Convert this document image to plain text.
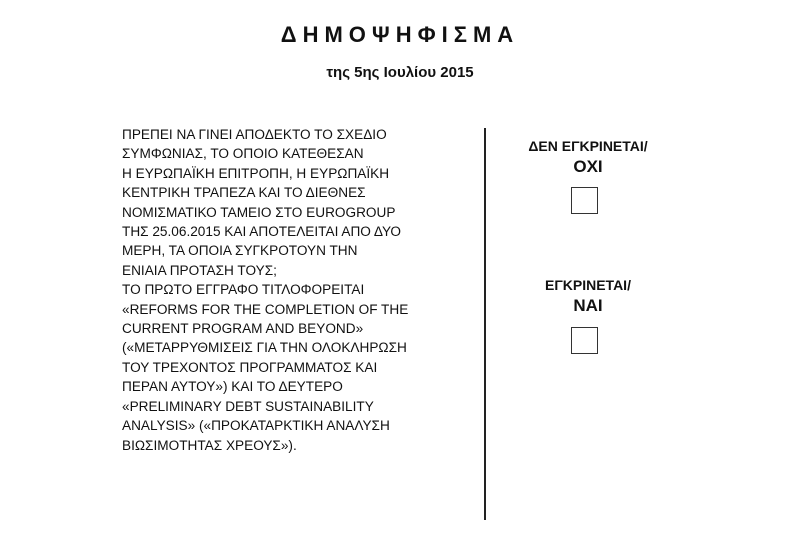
ΔΗΜΟΨΗΦΙΣΜΑ
της 5ης Ιουλίου 2015
ΠΡΕΠΕΙ ΝΑ ΓΙΝΕΙ ΑΠΟΔΕΚΤΟ ΤΟ ΣΧΕΔΙΟ
ΣΥΜΦΩΝΙΑΣ, ΤΟ ΟΠΟΙΟ ΚΑΤΕΘΕΣΑΝ
Η ΕΥΡΩΠΑΪΚΗ ΕΠΙΤΡΟΠΗ, Η ΕΥΡΩΠΑΪΚΗ
ΚΕΝΤΡΙΚΗ ΤΡΑΠΕΖΑ ΚΑΙ ΤΟ ΔΙΕΘΝΕΣ
ΝΟΜΙΣΜΑΤΙΚΟ ΤΑΜΕΙΟ ΣΤΟ EUROGROUP
ΤΗΣ 25.06.2015 ΚΑΙ ΑΠΟΤΕΛΕΙΤΑΙ ΑΠΟ ΔΥΟ
ΜΕΡΗ, ΤΑ ΟΠΟΙΑ ΣΥΓΚΡΟΤΟΥΝ ΤΗΝ
ΕΝΙΑΙΑ ΠΡΟΤΑΣΗ ΤΟΥΣ;
ΤΟ ΠΡΩΤΟ ΕΓΓΡΑΦΟ ΤΙΤΛΟΦΟΡΕΙΤΑΙ
«REFORMS FOR THE COMPLETION OF THE
CURRENT PROGRAM AND BEYOND»
(«ΜΕΤΑΡΡΥΘΜΙΣΕΙΣ ΓΙΑ ΤΗΝ ΟΛΟΚΛΗΡΩΣΗ
ΤΟΥ ΤΡΕΧΟΝΤΟΣ ΠΡΟΓΡΑΜΜΑΤΟΣ ΚΑΙ
ΠΕΡΑΝ ΑΥΤΟΥ») ΚΑΙ ΤΟ ΔΕΥΤΕΡΟ
«PRELIMINARY DEBT SUSTAINABILITY
ANALYSIS» («ΠΡΟΚΑΤΑΡΚΤΙΚΗ ΑΝΑΛΥΣΗ
ΒΙΩΣΙΜΟΤΗΤΑΣ ΧΡΕΟΥΣ»).
ΔΕΝ ΕΓΚΡΙΝΕΤΑΙ/
ΟΧΙ
ΕΓΚΡΙΝΕΤΑΙ/
ΝΑΙ
